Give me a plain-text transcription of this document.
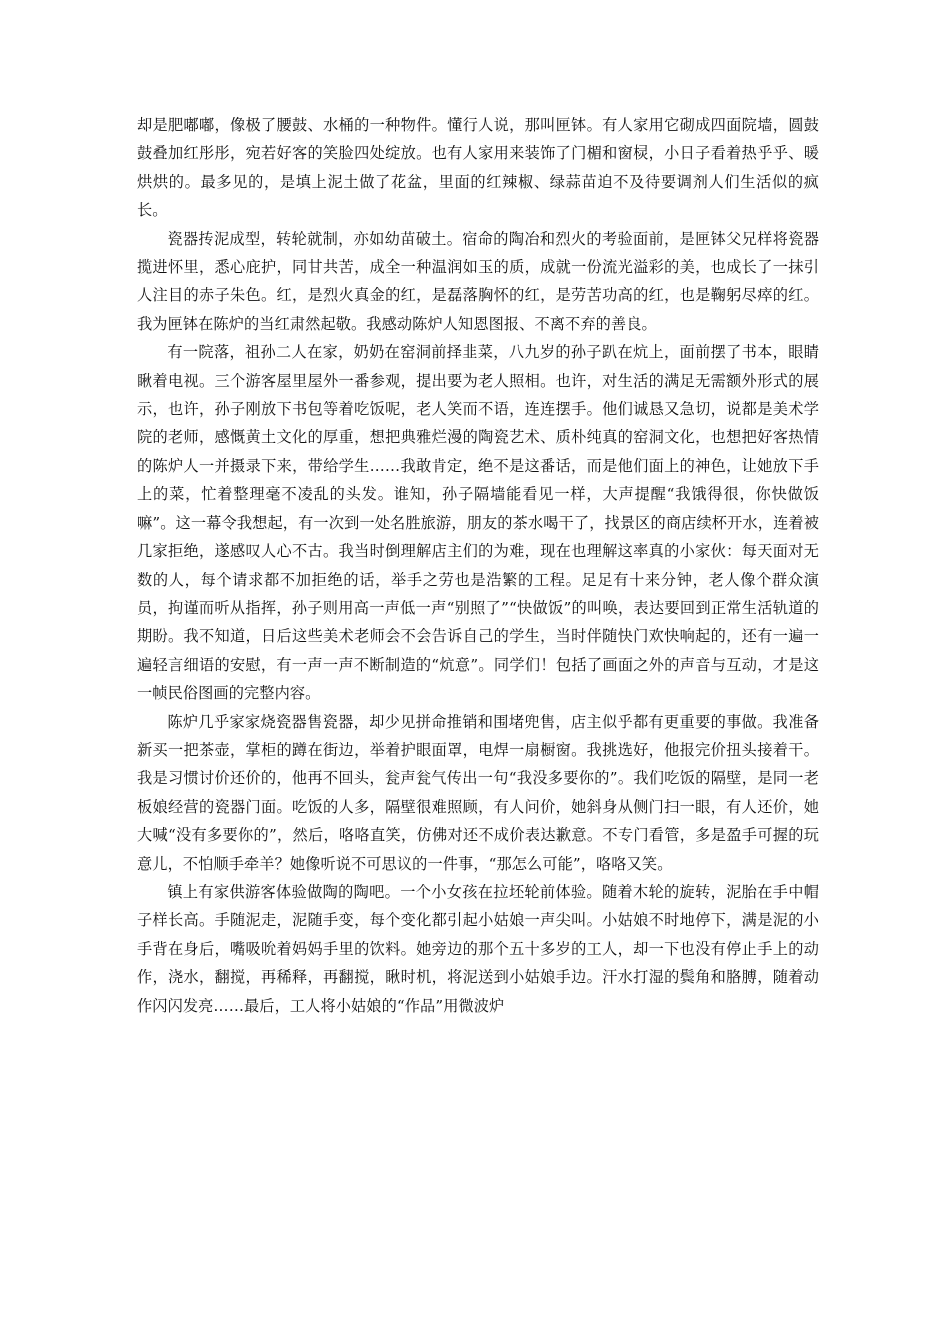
却是肥嘟嘟，像极了腰鼓、水桶的一种物件。懂行人说，那叫匣钵。有人家用它砌成四面院墙，圆鼓鼓叠加红彤彤，宛若好客的笑脸四处绽放。也有人家用来装饰了门楣和窗棂，小日子看着热乎乎、暖烘烘的。最多见的，是填上泥土做了花盆，里面的红辣椒、绿蒜苗迫不及待要调剂人们生活似的疯长。

瓷器抟泥成型，转轮就制，亦如幼苗破土。宿命的陶冶和烈火的考验面前，是匣钵父兄样将瓷器揽进怀里，悉心庇护，同甘共苦，成全一种温润如玉的质，成就一份流光溢彩的美，也成长了一抹引人注目的赤子朱色。红，是烈火真金的红，是磊落胸怀的红，是劳苦功高的红，也是鞠躬尽瘁的红。我为匣钵在陈炉的当红肃然起敬。我感动陈炉人知恩图报、不离不弃的善良。

有一院落，祖孙二人在家，奶奶在窑洞前择韭菜，八九岁的孙子趴在炕上，面前摆了书本，眼睛瞅着电视。三个游客屋里屋外一番参观，提出要为老人照相。也许，对生活的满足无需额外形式的展示，也许，孙子刚放下书包等着吃饭呢，老人笑而不语，连连摆手。他们诚恳又急切，说都是美术学院的老师，感慨黄土文化的厚重，想把典雅烂漫的陶瓷艺术、质朴纯真的窑洞文化，也想把好客热情的陈炉人一并摄录下来，带给学生……我敢肯定，绝不是这番话，而是他们面上的神色，让她放下手上的菜，忙着整理毫不凌乱的头发。谁知，孙子隔墙能看见一样，大声提醒“我饿得很，你快做饭嘛”。这一幕令我想起，有一次到一处名胜旅游，朋友的茶水喝干了，找景区的商店续杯开水，连着被几家拒绝，遂感叹人心不古。我当时倒理解店主们的为难，现在也理解这率真的小家伙：每天面对无数的人，每个请求都不加拒绝的话，举手之劳也是浩繁的工程。足足有十来分钟，老人像个群众演员，拘谨而听从指挥，孙子则用高一声低一声“别照了”“快做饭”的叫唤，表达要回到正常生活轨道的期盼。我不知道，日后这些美术老师会不会告诉自己的学生，当时伴随快门欢快响起的，还有一遍一遍轻言细语的安慰，有一声一声不断制造的“炕意”。同学们！包括了画面之外的声音与互动，才是这一帧民俗图画的完整内容。

陈炉几乎家家烧瓷器售瓷器，却少见拼命推销和围堵兜售，店主似乎都有更重要的事做。我准备新买一把茶壶，掌柜的蹲在街边，举着护眼面罩，电焊一扇橱窗。我挑选好，他报完价扭头接着干。我是习惯讨价还价的，他再不回头，瓮声瓮气传出一句“我没多要你的”。我们吃饭的隔壁，是同一老板娘经营的瓷器门面。吃饭的人多，隔壁很难照顾，有人问价，她斜身从侧门扫一眼，有人还价，她大喊“没有多要你的”，然后，咯咯直笑，仿佛对还不成价表达歉意。不专门看管，多是盈手可握的玩意儿，不怕顺手牵羊？她像听说不可思议的一件事，“那怎么可能”，咯咯又笑。

镇上有家供游客体验做陶的陶吧。一个小女孩在拉坯轮前体验。随着木轮的旋转，泥胎在手中帽子样长高。手随泥走，泥随手变，每个变化都引起小姑娘一声尖叫。小姑娘不时地停下，满是泥的小手背在身后，嘴吸吮着妈妈手里的饮料。她旁边的那个五十多岁的工人，却一下也没有停止手上的动作，浇水，翻搅，再稀释，再翻搅，瞅时机，将泥送到小姑娘手边。汗水打湿的鬓角和胳膊，随着动作闪闪发亮……最后，工人将小姑娘的“作品”用微波炉
